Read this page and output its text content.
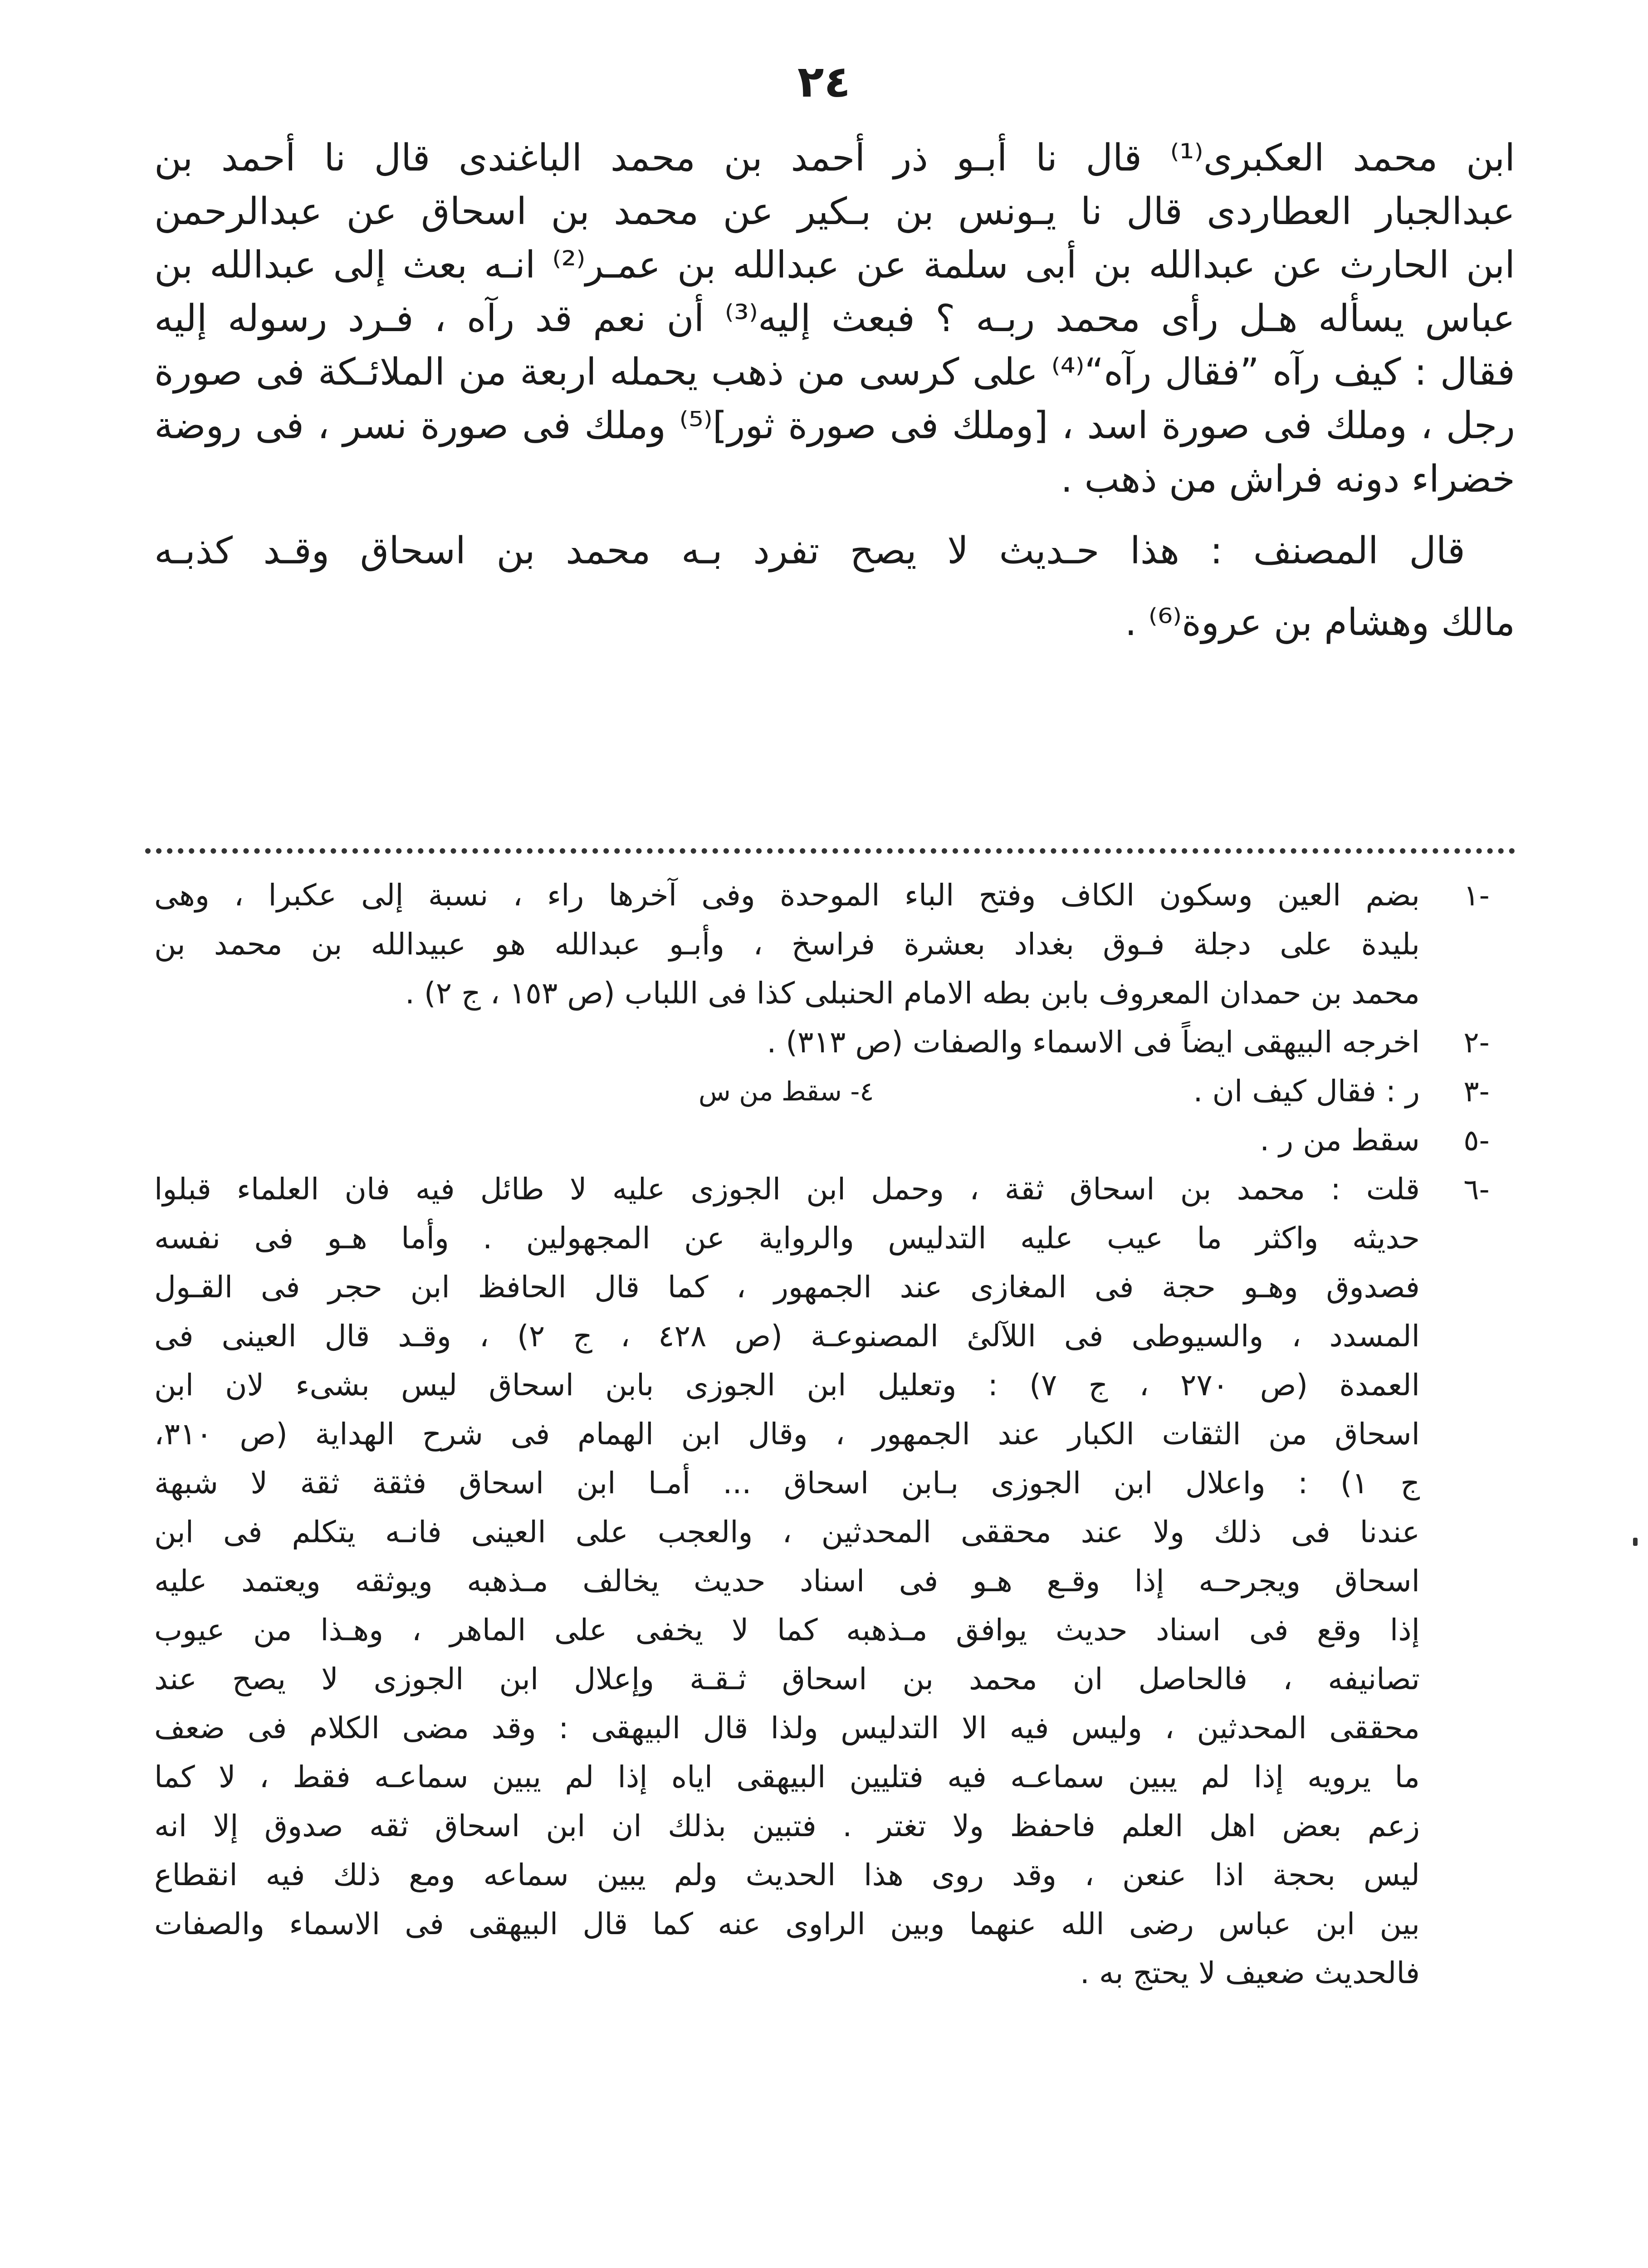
٢٤
ابن محمد العكبرى⁽¹⁾ قال نا أبـو ذر أحمد بن محمد الباغندى قال نا أحمد بن
عبدالجبار العطاردى قال نا يـونس بن بـكير عن محمد بن اسحاق عن عبدالرحمن
ابن الحارث عن عبدالله بن أبى سلمة عن عبدالله بن عمـر⁽²⁾ انـه بعث إلى عبدالله بن
عباس يسأله هـل رأى محمد ربـه ؟ فبعث إليه⁽³⁾ أن نعم قد رآه ، فـرد رسوله إليه
فقال : كيف رآه ”فقال رآه“⁽⁴⁾ على كرسى من ذهب يحمله اربعة من الملائـكة فى صورة
رجل ، وملك فى صورة اسد ، [وملك فى صورة ثور]⁽⁵⁾ وملك فى صورة نسر ، فى روضة
خضراء دونه فراش من ذهب .
قال المصنف : هذا حـديث لا يصح تفرد بـه محمد بن اسحاق وقـد كذبـه
مالك وهشام بن عروة⁽⁶⁾ .
-١
بضم العين وسكون الكاف وفتح الباء الموحدة وفى آخرها راء ، نسبة إلى عكبرا ، وهى
بليدة على دجلة فـوق بغداد بعشرة فراسخ ، وأبـو عبدالله هو عبيدالله بن محمد بن
محمد بن حمدان المعروف بابن بطه الامام الحنبلى كذا فى اللباب (ص ١٥٣ ، ج ٢) .
-٢
اخرجه البيهقى ايضاً فى الاسماء والصفات (ص ٣١٣) .
-٣
ر : فقال كيف ان .
٤- سقط من س
-٥
سقط من ر .
-٦
قلت : محمد بن اسحاق ثقة ، وحمل ابن الجوزى عليه لا طائل فيه فان العلماء قبلوا
حديثه واكثر ما عيب عليه التدليس والرواية عن المجهولين . وأما هـو فى نفسه
فصدوق وهـو حجة فى المغازى عند الجمهور ، كما قال الحافظ ابن حجر فى القـول
المسدد ، والسيوطى فى اللآلئ المصنوعـة (ص ٤٢٨ ، ج ٢) ، وقـد قال العينى فى
العمدة (ص ٢٧٠ ، ج ٧) : وتعليل ابن الجوزى بابن اسحاق ليس بشىء لان ابن
اسحاق من الثقات الكبار عند الجمهور ، وقال ابن الهمام فى شرح الهداية (ص ٣١٠،
ج ١) : واعلال ابن الجوزى بـابن اسحاق ... أمـا ابن اسحاق فثقة ثقة لا شبهة
عندنا فى ذلك ولا عند محققى المحدثين ، والعجب على العينى فانـه يتكلم فى ابن
اسحاق ويجرحـه إذا وقـع هـو فى اسناد حديث يخالف مـذهبه ويوثقه ويعتمد عليه
إذا وقع فى اسناد حديث يوافق مـذهبه كما لا يخفى على الماهر ، وهـذا من عيوب
تصانيفه ، فالحاصل ان محمد بن اسحاق ثـقـة وإعلال ابن الجوزى لا يصح عند
محققى المحدثين ، وليس فيه الا التدليس ولذا قال البيهقى : وقد مضى الكلام فى ضعف
ما يرويه إذا لم يبين سماعـه فيه فتليين البيهقى اياه إذا لم يبين سماعـه فقط ، لا كما
زعم بعض اهل العلم فاحفظ ولا تغتر . فتبين بذلك ان ابن اسحاق ثقه صدوق إلا انه
ليس بحجة اذا عنعن ، وقد روى هذا الحديث ولم يبين سماعه ومع ذلك فيه انقطاع
بين ابن عباس رضى الله عنهما وبين الراوى عنه كما قال البيهقى فى الاسماء والصفات
فالحديث ضعيف لا يحتج به .
